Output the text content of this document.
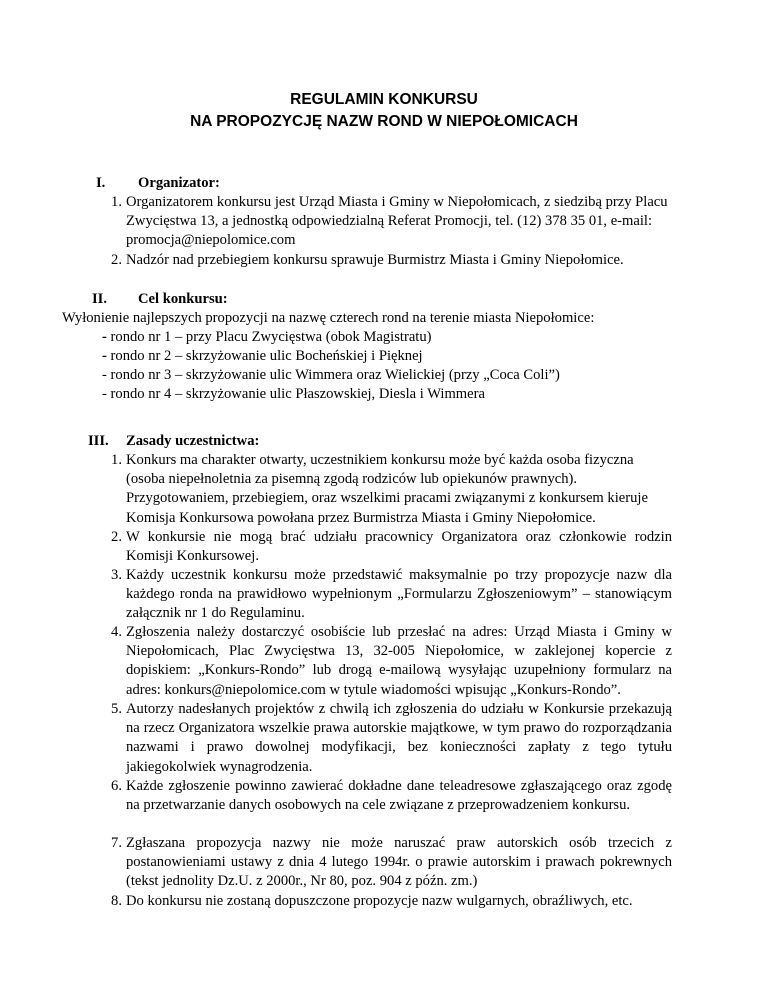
REGULAMIN KONKURSU
NA PROPOZYCJĘ NAZW ROND W NIEPOŁOMICACH
I. Organizator:
1. Organizatorem konkursu jest Urząd Miasta i Gminy w Niepołomicach, z siedzibą przy Placu Zwycięstwa 13, a jednostką odpowiedzialną Referat Promocji, tel. (12) 378 35 01, e-mail: promocja@niepolomice.com
2. Nadzór nad przebiegiem konkursu sprawuje Burmistrz Miasta i Gminy Niepołomice.
II. Cel konkursu:
Wyłonienie najlepszych propozycji na nazwę czterech rond na terenie miasta Niepołomice:
- rondo nr 1 – przy Placu Zwycięstwa (obok Magistratu)
- rondo nr 2 – skrzyżowanie ulic Bocheńskiej i Pięknej
- rondo nr 3 – skrzyżowanie ulic Wimmera oraz Wielickiej (przy „Coca Coli”)
- rondo nr 4 – skrzyżowanie ulic Płaszowskiej, Diesla i Wimmera
III. Zasady uczestnictwa:
1. Konkurs ma charakter otwarty, uczestnikiem konkursu może być każda osoba fizyczna (osoba niepełnoletnia za pisemną zgodą rodziców lub opiekunów prawnych). Przygotowaniem, przebiegiem, oraz wszelkimi pracami związanymi z konkursem kieruje Komisja Konkursowa powołana przez Burmistrza Miasta i Gminy Niepołomice.
2. W konkursie nie mogą brać udziału pracownicy Organizatora oraz członkowie rodzin Komisji Konkursowej.
3. Każdy uczestnik konkursu może przedstawić maksymalnie po trzy propozycje nazw dla każdego ronda na prawidłowo wypełnionym „Formularzu Zgłoszeniowym” – stanowiącym załącznik nr 1 do Regulaminu.
4. Zgłoszenia należy dostarczyć osobiście lub przesłać na adres: Urząd Miasta i Gminy w Niepołomicach, Plac Zwycięstwa 13, 32-005 Niepołomice, w zaklejonej kopercie z dopiskiem: „Konkurs-Rondo” lub drogą e-mailową wysyłając uzupełniony formularz na adres: konkurs@niepolomice.com w tytule wiadomości wpisując „Konkurs-Rondo”.
5. Autorzy nadesłanych projektów z chwilą ich zgłoszenia do udziału w Konkursie przekazują na rzecz Organizatora wszelkie prawa autorskie majątkowe, w tym prawo do rozporządzania nazwami i prawo dowolnej modyfikacji, bez konieczności zapłaty z tego tytułu jakiegokolwiek wynagrodzenia.
6. Każde zgłoszenie powinno zawierać dokładne dane teleadresowe zgłaszającego oraz zgodę na przetwarzanie danych osobowych na cele związane z przeprowadzeniem konkursu.
7. Zgłaszana propozycja nazwy nie może naruszać praw autorskich osób trzecich z postanowieniami ustawy z dnia 4 lutego 1994r. o prawie autorskim i prawach pokrewnych (tekst jednolity Dz.U. z 2000r., Nr 80, poz. 904 z późn. zm.)
8. Do konkursu nie zostaną dopuszczone propozycje nazw wulgarnych, obraźliwych, etc.
